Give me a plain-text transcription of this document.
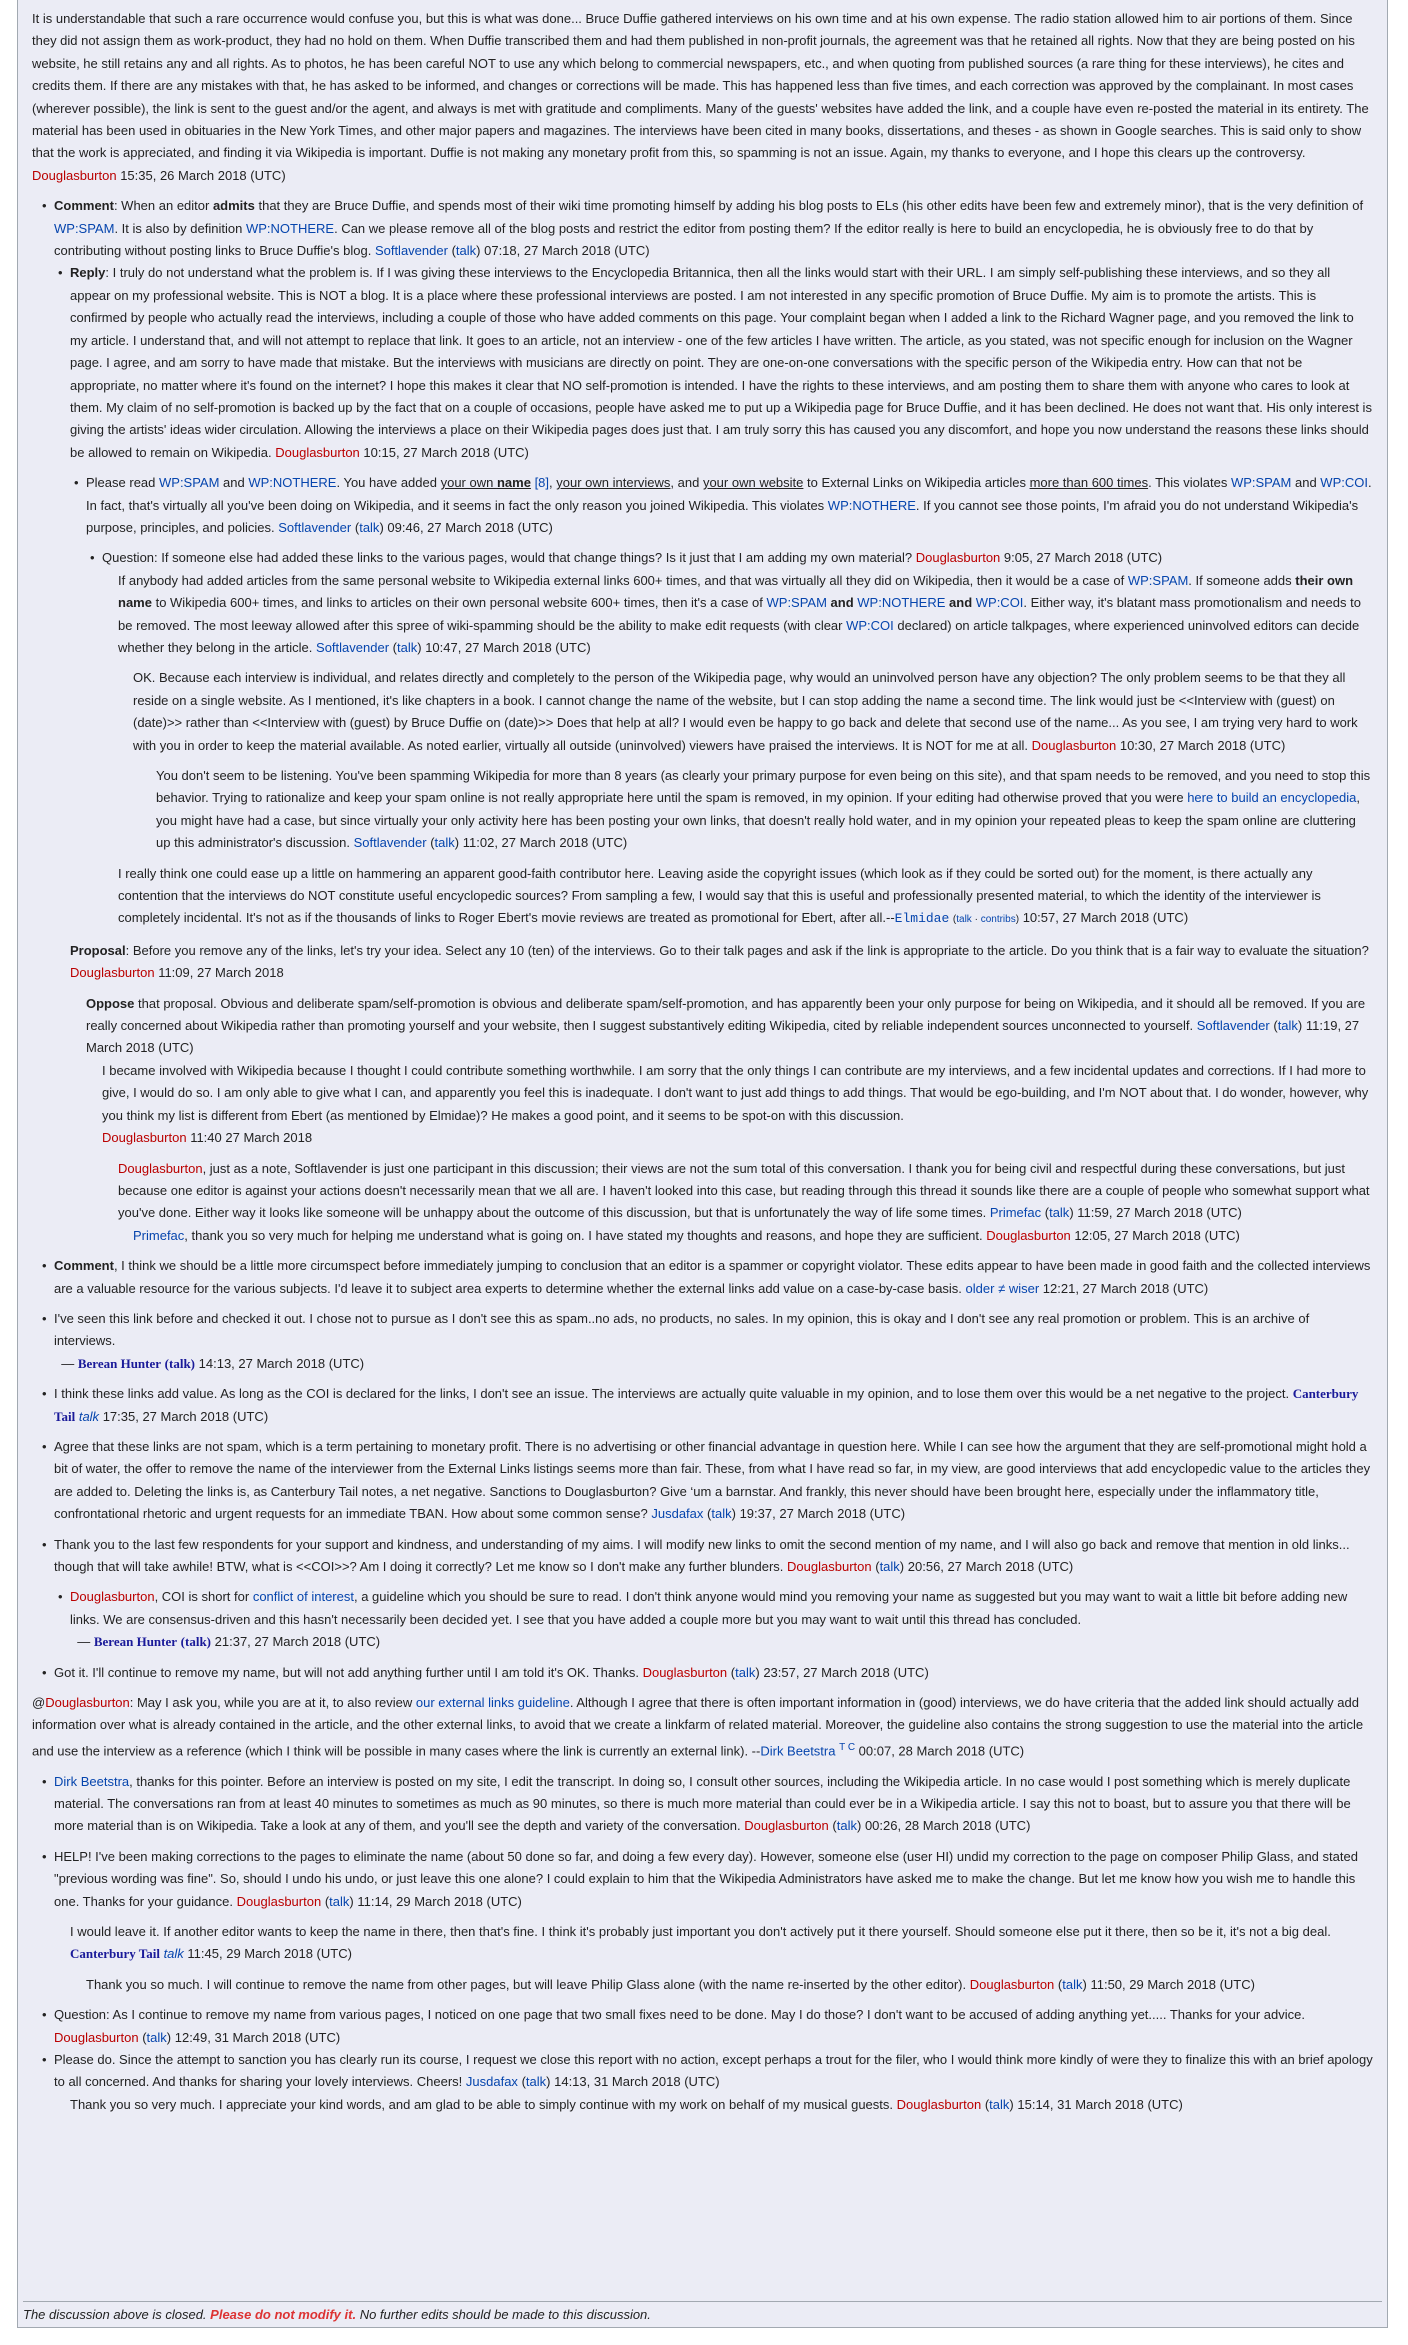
It is understandable that such a rare occurrence would confuse you, but this is what was done... Bruce Duffie gathered interviews on his own time and at his own expense. The radio station allowed him to air portions of them. Since they did not assign them as work-product, they had no hold on them. When Duffie transcribed them and had them published in non-profit journals, the agreement was that he retained all rights. Now that they are being posted on his website, he still retains any and all rights. As to photos, he has been careful NOT to use any which belong to commercial newspapers, etc., and when quoting from published sources (a rare thing for these interviews), he cites and credits them. If there are any mistakes with that, he has asked to be informed, and changes or corrections will be made. This has happened less than five times, and each correction was approved by the complainant. In most cases (wherever possible), the link is sent to the guest and/or the agent, and always is met with gratitude and compliments. Many of the guests' websites have added the link, and a couple have even re-posted the material in its entirety. The material has been used in obituaries in the New York Times, and other major papers and magazines. The interviews have been cited in many books, dissertations, and theses - as shown in Google searches. This is said only to show that the work is appreciated, and finding it via Wikipedia is important. Duffie is not making any monetary profit from this, so spamming is not an issue. Again, my thanks to everyone, and I hope this clears up the controversy. Douglasburton 15:35, 26 March 2018 (UTC)

• Comment: When an editor admits that they are Bruce Duffie, and spends most of their wiki time promoting himself by adding his blog posts to ELs (his other edits have been few and extremely minor), that is the very definition of WP:SPAM. It is also by definition WP:NOTHERE. Can we please remove all of the blog posts and restrict the editor from posting them? If the editor really is here to build an encyclopedia, he is obviously free to do that by contributing without posting links to Bruce Duffie's blog. Softlavender (talk) 07:18, 27 March 2018 (UTC)

• Reply: I truly do not understand what the problem is. If I was giving these interviews to the Encyclopedia Britannica, then all the links would start with their URL. I am simply self-publishing these interviews, and so they all appear on my professional website. This is NOT a blog. It is a place where these professional interviews are posted. I am not interested in any specific promotion of Bruce Duffie. My aim is to promote the artists. This is confirmed by people who actually read the interviews, including a couple of those who have added comments on this page. Your complaint began when I added a link to the Richard Wagner page, and you removed the link to my article. I understand that, and will not attempt to replace that link. It goes to an article, not an interview - one of the few articles I have written. The article, as you stated, was not specific enough for inclusion on the Wagner page. I agree, and am sorry to have made that mistake. But the interviews with musicians are directly on point. They are one-on-one conversations with the specific person of the Wikipedia entry. How can that not be appropriate, no matter where it's found on the internet? I hope this makes it clear that NO self-promotion is intended. I have the rights to these interviews, and am posting them to share them with anyone who cares to look at them. My claim of no self-promotion is backed up by the fact that on a couple of occasions, people have asked me to put up a Wikipedia page for Bruce Duffie, and it has been declined. He does not want that. His only interest is giving the artists' ideas wider circulation. Allowing the interviews a place on their Wikipedia pages does just that. I am truly sorry this has caused you any discomfort, and hope you now understand the reasons these links should be allowed to remain on Wikipedia. Douglasburton 10:15, 27 March 2018 (UTC)

• Please read WP:SPAM and WP:NOTHERE. You have added your own name [8], your own interviews, and your own website to External Links on Wikipedia articles more than 600 times. This violates WP:SPAM and WP:COI. In fact, that's virtually all you've been doing on Wikipedia, and it seems in fact the only reason you joined Wikipedia. This violates WP:NOTHERE. If you cannot see those points, I'm afraid you do not understand Wikipedia's purpose, principles, and policies. Softlavender (talk) 09:46, 27 March 2018 (UTC)

• Question: If someone else had added these links to the various pages, would that change things? Is it just that I am adding my own material? Douglasburton 9:05, 27 March 2018 (UTC)

If anybody had added articles from the same personal website to Wikipedia external links 600+ times, and that was virtually all they did on Wikipedia, then it would be a case of WP:SPAM. If someone adds their own name to Wikipedia 600+ times, and links to articles on their own personal website 600+ times, then it's a case of WP:SPAM and WP:NOTHERE and WP:COI. Either way, it's blatant mass promotionalism and needs to be removed. The most leeway allowed after this spree of wiki-spamming should be the ability to make edit requests (with clear WP:COI declared) on article talkpages, where experienced uninvolved editors can decide whether they belong in the article. Softlavender (talk) 10:47, 27 March 2018 (UTC)

OK. Because each interview is individual, and relates directly and completely to the person of the Wikipedia page, why would an uninvolved person have any objection? The only problem seems to be that they all reside on a single website. As I mentioned, it's like chapters in a book. I cannot change the name of the website, but I can stop adding the name a second time. The link would just be <<Interview with (guest) on (date)>> rather than <<Interview with (guest) by Bruce Duffie on (date)>> Does that help at all? I would even be happy to go back and delete that second use of the name... As you see, I am trying very hard to work with you in order to keep the material available. As noted earlier, virtually all outside (uninvolved) viewers have praised the interviews. It is NOT for me at all. Douglasburton 10:30, 27 March 2018 (UTC)

You don't seem to be listening. You've been spamming Wikipedia for more than 8 years (as clearly your primary purpose for even being on this site), and that spam needs to be removed, and you need to stop this behavior. Trying to rationalize and keep your spam online is not really appropriate here until the spam is removed, in my opinion. If your editing had otherwise proved that you were here to build an encyclopedia, you might have had a case, but since virtually your only activity here has been posting your own links, that doesn't really hold water, and in my opinion your repeated pleas to keep the spam online are cluttering up this administrator's discussion. Softlavender (talk) 11:02, 27 March 2018 (UTC)

I really think one could ease up a little on hammering an apparent good-faith contributor here. Leaving aside the copyright issues (which look as if they could be sorted out) for the moment, is there actually any contention that the interviews do NOT constitute useful encyclopedic sources? From sampling a few, I would say that this is useful and professionally presented material, to which the identity of the interviewer is completely incidental. It's not as if the thousands of links to Roger Ebert's movie reviews are treated as promotional for Ebert, after all.--Elmidae (talk · contribs) 10:57, 27 March 2018 (UTC)

Proposal: Before you remove any of the links, let's try your idea. Select any 10 (ten) of the interviews. Go to their talk pages and ask if the link is appropriate to the article. Do you think that is a fair way to evaluate the situation? Douglasburton 11:09, 27 March 2018

Oppose that proposal. Obvious and deliberate spam/self-promotion is obvious and deliberate spam/self-promotion, and has apparently been your only purpose for being on Wikipedia, and it should all be removed. If you are really concerned about Wikipedia rather than promoting yourself and your website, then I suggest substantively editing Wikipedia, cited by reliable independent sources unconnected to yourself. Softlavender (talk) 11:19, 27 March 2018 (UTC)

I became involved with Wikipedia because I thought I could contribute something worthwhile. I am sorry that the only things I can contribute are my interviews, and a few incidental updates and corrections. If I had more to give, I would do so. I am only able to give what I can, and apparently you feel this is inadequate. I don't want to just add things to add things. That would be ego-building, and I'm NOT about that. I do wonder, however, why you think my list is different from Ebert (as mentioned by Elmidae)? He makes a good point, and it seems to be spot-on with this discussion.
Douglasburton 11:40 27 March 2018

Douglasburton, just as a note, Softlavender is just one participant in this discussion; their views are not the sum total of this conversation. I thank you for being civil and respectful during these conversations, but just because one editor is against your actions doesn't necessarily mean that we all are. I haven't looked into this case, but reading through this thread it sounds like there are a couple of people who somewhat support what you've done. Either way it looks like someone will be unhappy about the outcome of this discussion, but that is unfortunately the way of life some times. Primefac (talk) 11:59, 27 March 2018 (UTC)

Primefac, thank you so very much for helping me understand what is going on. I have stated my thoughts and reasons, and hope they are sufficient. Douglasburton 12:05, 27 March 2018 (UTC)

• Comment, I think we should be a little more circumspect before immediately jumping to conclusion that an editor is a spammer or copyright violator. These edits appear to have been made in good faith and the collected interviews are a valuable resource for the various subjects. I'd leave it to subject area experts to determine whether the external links add value on a case-by-case basis. older ≠ wiser 12:21, 27 March 2018 (UTC)

• I've seen this link before and checked it out. I chose not to pursue as I don't see this as spam..no ads, no products, no sales. In my opinion, this is okay and I don't see any real promotion or problem. This is an archive of interviews.
— Berean Hunter (talk) 14:13, 27 March 2018 (UTC)

• I think these links add value. As long as the COI is declared for the links, I don't see an issue. The interviews are actually quite valuable in my opinion, and to lose them over this would be a net negative to the project. Canterbury Tail talk 17:35, 27 March 2018 (UTC)

• Agree that these links are not spam, which is a term pertaining to monetary profit. There is no advertising or other financial advantage in question here. While I can see how the argument that they are self-promotional might hold a bit of water, the offer to remove the name of the interviewer from the External Links listings seems more than fair. These, from what I have read so far, in my view, are good interviews that add encyclopedic value to the articles they are added to. Deleting the links is, as Canterbury Tail notes, a net negative. Sanctions to Douglasburton? Give ‘um a barnstar. And frankly, this never should have been brought here, especially under the inflammatory title, confrontational rhetoric and urgent requests for an immediate TBAN. How about some common sense? Jusdafax (talk) 19:37, 27 March 2018 (UTC)

• Thank you to the last few respondents for your support and kindness, and understanding of my aims. I will modify new links to omit the second mention of my name, and I will also go back and remove that mention in old links... though that will take awhile! BTW, what is <<COI>>? Am I doing it correctly? Let me know so I don't make any further blunders. Douglasburton (talk) 20:56, 27 March 2018 (UTC)

• Douglasburton, COI is short for conflict of interest, a guideline which you should be sure to read. I don't think anyone would mind you removing your name as suggested but you may want to wait a little bit before adding new links. We are consensus-driven and this hasn't necessarily been decided yet. I see that you have added a couple more but you may want to wait until this thread has concluded.
— Berean Hunter (talk) 21:37, 27 March 2018 (UTC)

• Got it. I'll continue to remove my name, but will not add anything further until I am told it's OK. Thanks. Douglasburton (talk) 23:57, 27 March 2018 (UTC)

@Douglasburton: May I ask you, while you are at it, to also review our external links guideline. Although I agree that there is often important information in (good) interviews, we do have criteria that the added link should actually add information over what is already contained in the article, and the other external links, to avoid that we create a linkfarm of related material. Moreover, the guideline also contains the strong suggestion to use the material into the article and use the interview as a reference (which I think will be possible in many cases where the link is currently an external link). --Dirk Beetstra $^{T C}$ 00:07, 28 March 2018 (UTC)

• Dirk Beetstra, thanks for this pointer. Before an interview is posted on my site, I edit the transcript. In doing so, I consult other sources, including the Wikipedia article. In no case would I post something which is merely duplicate material. The conversations ran from at least 40 minutes to sometimes as much as 90 minutes, so there is much more material than could ever be in a Wikipedia article. I say this not to boast, but to assure you that there will be more material than is on Wikipedia. Take a look at any of them, and you'll see the depth and variety of the conversation. Douglasburton (talk) 00:26, 28 March 2018 (UTC)

• HELP! I've been making corrections to the pages to eliminate the name (about 50 done so far, and doing a few every day). However, someone else (user HI) undid my correction to the page on composer Philip Glass, and stated "previous wording was fine". So, should I undo his undo, or just leave this one alone? I could explain to him that the Wikipedia Administrators have asked me to make the change. But let me know how you wish me to handle this one. Thanks for your guidance. Douglasburton (talk) 11:14, 29 March 2018 (UTC)

I would leave it. If another editor wants to keep the name in there, then that's fine. I think it's probably just important you don't actively put it there yourself. Should someone else put it there, then so be it, it's not a big deal. Canterbury Tail talk 11:45, 29 March 2018 (UTC)

Thank you so much. I will continue to remove the name from other pages, but will leave Philip Glass alone (with the name re-inserted by the other editor). Douglasburton (talk) 11:50, 29 March 2018 (UTC)

• Question: As I continue to remove my name from various pages, I noticed on one page that two small fixes need to be done. May I do those? I don't want to be accused of adding anything yet..... Thanks for your advice. Douglasburton (talk) 12:49, 31 March 2018 (UTC)

• Please do. Since the attempt to sanction you has clearly run its course, I request we close this report with no action, except perhaps a trout for the filer, who I would think more kindly of were they to finalize this with an brief apology to all concerned. And thanks for sharing your lovely interviews. Cheers! Jusdafax (talk) 14:13, 31 March 2018 (UTC)

Thank you so very much. I appreciate your kind words, and am glad to be able to simply continue with my work on behalf of my musical guests. Douglasburton (talk) 15:14, 31 March 2018 (UTC)

The discussion above is closed. Please do not modify it. No further edits should be made to this discussion.
